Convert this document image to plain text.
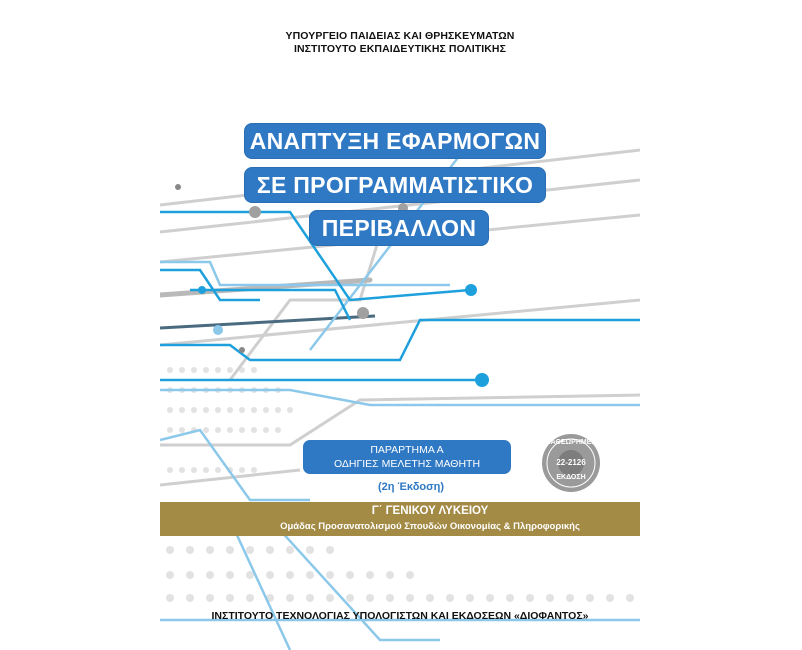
ΥΠΟΥΡΓΕΙΟ ΠΑΙΔΕΙΑΣ ΚΑΙ ΘΡΗΣΚΕΥΜΑΤΩΝ
ΙΝΣΤΙΤΟΥΤΟ ΕΚΠΑΙΔΕΥΤΙΚΗΣ ΠΟΛΙΤΙΚΗΣ
ΑΝΑΠΤΥΞΗ ΕΦΑΡΜΟΓΩΝ
ΣΕ ΠΡΟΓΡΑΜΜΑΤΙΣΤΙΚΟ
ΠΕΡΙΒΑΛΛΟΝ
ΠΑΡΑΡΤΗΜΑ Α
ΟΔΗΓΙΕΣ ΜΕΛΕΤΗΣ ΜΑΘΗΤΗ
ΑΝΑΘΕΩΡΗΜΕΝΗ
22-2126
ΕΚΔΟΣΗ
(2η Έκδοση)
Γ΄ ΓΕΝΙΚΟΥ ΛΥΚΕΙΟΥ
Ομάδας Προσανατολισμού Σπουδών Οικονομίας & Πληροφορικής
ΙΝΣΤΙΤΟΥΤΟ ΤΕΧΝΟΛΟΓΙΑΣ ΥΠΟΛΟΓΙΣΤΩΝ ΚΑΙ ΕΚΔΟΣΕΩΝ «ΔΙΟΦΑΝΤΟΣ»
